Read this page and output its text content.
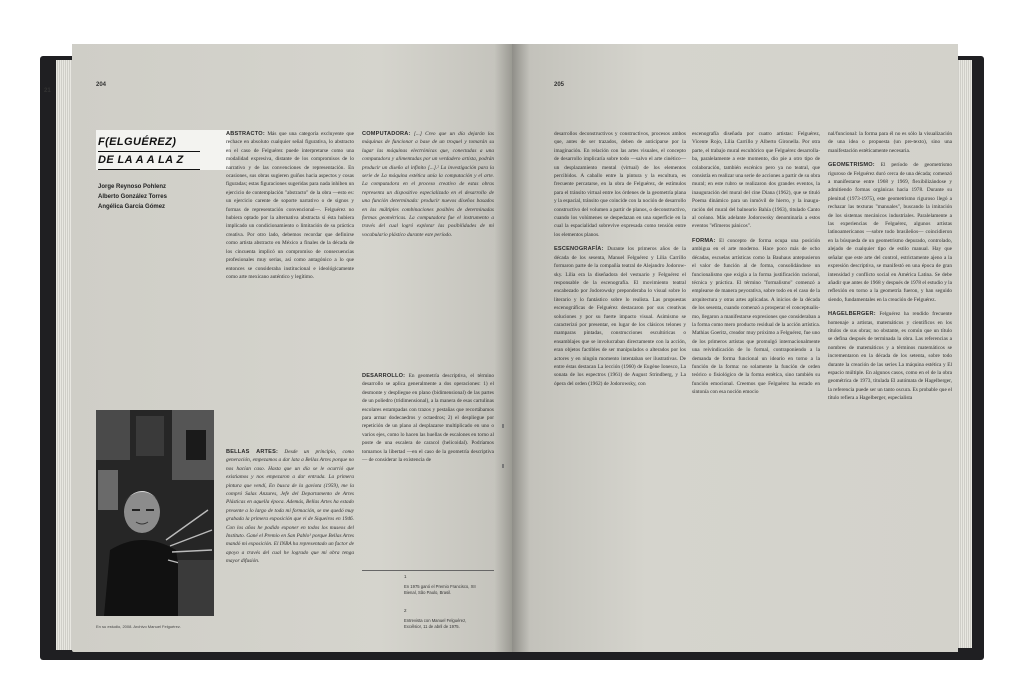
204
F(ELGUÉREZ)
DE LA A A LA Z
Jorge Reynoso Pohlenz
Alberto González Torres
Angélica García Gómez

ABSTRACTO: Más que una categoría excluyente que rechace en absoluto cualquier señal figurativa, lo abstracto en el caso de Felguérez puede interpretarse como una modalidad expresiva, distante de los compromisos de lo narrativo y de las convenciones de representación. En ocasiones, sus obras sugieren guiños hacia aspectos y cosas figuradas; estas figuraciones sugeridas para nada inhiben un ejercicio de contemplación "abstracto" de la obra —esto es: un ejercicio carente de soporte narrativo o de signos y formas de representación convencional—. Felguérez no hubiera optado por la alternativa abstracta si ésta hubiera implicado un condicionamiento o limitación de su práctica creativa. Por otro lado, debemos recordar que definirse como artista abstracto en México a finales de la década de los cincuenta implicó un compromiso de consecuencias profesionales muy serias, así como antagónico a lo que entonces se consideraba institucional e ideológicamente como arte mexicano auténtico y legítimo.

BELLAS ARTES: Desde un principio, como generación, empezamos a dar lata a Bellas Artes porque no nos hacían caso. Hasta que un día se le ocurrió que existiamos y nos empezaron a dar entrada. La primera pintura que vendí, En busca de la gaviota (1959), me la compró Salas Anzures, Jefe del Departamento de Artes Plásticas en aquella época. Además, Bellas Artes ha estado presente a lo largo de toda mi formación, se me quedó muy grabada la primera exposición que vi de Siqueiros en 1946. Con los años he podido exponer en todos los museos del Instituto. Gané el Premio en San Pablo¹ porque Bellas Artes mandó mi exposición. El INBA ha representado un factor de apoyo a través del cual he logrado que mi obra tenga mayor difusión.

En su estudio, 2008. Archivo Manuel Felguérez.

COMPUTADORA: [...] Creo que un día dejarán las máquinas de funcionar a base de un troquel y tomarán su lugar las máquinas electrónicas que, conectadas a una computadora y alimentadas por un verdadero artista, podrán producir un diseño al infinito [...].² La investigación para la serie de La máquina estética unía la computación y el arte. La computadora en el proceso creativo de estas obras representa un dispositivo especializado en el desarrollo de una función determinada: producir nuevos diseños basados en las múltiples combinaciones posibles de determinadas formas geométricas. La computadora fue el instrumento a través del cual logró explotar las posibilidades de mi vocabulario plástico durante este período.

DESARROLLO: En geometría descriptiva, el término desarrollo se aplica generalmente a dos operaciones: 1) el desmonte y despliegue en plano (bidimensional) de las partes de un poliedro (tridimensional), a la manera de esas cartulinas escolares estampadas con trazos y pestañas que recortábamos para armar dodecaedros y octaedros; 2) el despliegue por repetición de un plano al desplazarse multiplicado en uno o varios ejes, como lo hacen las huellas de escalones en torno al poste de una escalera de caracol (helicoidal). Podríamos tomarnos la libertad —en el caso de la geometría descriptiva— de considerar la existencia de

1
En 1975 ganó el Premio Francisco, XII Bienal, São Paulo, Brasil.
2
Entrevista con Manuel Felguérez, Excélsior, 11 de abril de 1975.
21
205

desarrollos deconstructivos y constructivos, procesos ambos que, antes de ser trazados, deben de anticiparse por la imaginación. En relación con las artes visuales, el concepto de desarrollo implicaría sobre todo —salvo el arte cinético— un desplazamiento mental (virtual) de los elementos percibidos. A caballo entre la pintura y la escultura, es frecuente percatarse, en la obra de Felguérez, de estímulos para el tránsito virtual entre los órdenes de la geometría plana y la espacial, tránsito que coincide con la noción de desarrollo constructivo del volumen a partir de planos, o deconstructivo, cuando los volúmenes se despedazan en una superficie en la cual la espacialidad sobrevive expresada como tensión entre los elementos planos.

ESCENOGRAFÍA: Durante los primeros años de la década de los sesenta, Manuel Felguérez y Lilia Carrillo formaron parte de la compañía teatral de Alejandro Jodorowsky. Lilia era la diseñadora del vestuario y Felguérez el responsable de la escenografía. El movimiento teatral encabezado por Jodorowsky preponderaba lo visual sobre lo literario y lo fantástico sobre lo realista. Las propuestas escenográficas de Felguérez destacaron por sus creativas soluciones y por su fuerte impacto visual. Asimismo se caracterizó por presentar, en lugar de los clásicos telones y mamparas pintadas, construcciones escultóricas o ensamblajes que se involucraban directamente con la acción, eran objetos factibles de ser manipulados o alterados por los actores y en ningún momento intentaban ser ilustrativas. De entre éstas destacan La lección (1960) de Eugène Ionesco, La sonata de los espectros (1961) de August Strindberg, y La ópera del orden (1962) de Jodorowsky, con

escenografía diseñada por cuatro artistas: Felguérez, Vicente Rojo, Lilia Carrillo y Alberto Gironella. Por otra parte, el trabajo mural escultórico que Felguérez desarrollaba, paralelamente a este momento, dio pie a otro tipo de colaboración, también escénico pero ya no teatral, que consistía en realizar una serie de acciones a partir de su obra mural; en este rubro se realizaron dos grandes eventos, la inauguración del mural del cine Diana (1962), que se tituló Poema dinámico para un inmóvil de hierro, y la inauguración del mural del balneario Bahía (1963), titulado Canto al océano. Más adelante Jodorowsky denominaría a estos eventos "efímeros pánicos".

FORMA: El concepto de forma ocupa una posición ambigua en el arte moderno. Hace poco más de ocho décadas, escuelas artísticas como la Bauhaus antepusieron el valor de función al de forma, consolidándose un funcionalismo que exigía a la forma justificación racional, técnica y práctica. El término "formalismo" comenzó a emplearse de manera peyorativa, sobre todo en el caso de la arquitectura y otras artes aplicadas. A inicios de la década de los sesenta, cuando comenzó a prosperar el conceptualismo, llegaron a manifestarse expresiones que consideraban a la forma como mero producto residual de la acción artística. Mathias Goeritz, creador muy próximo a Felguérez, fue uno de los primeros artistas que promulgó internacionalmente una reivindicación de lo formal, contraponiendo a la demanda de forma funcional un ideario en torno a la función de la forma: no solamente la función de orden teórico o fisiológico de la forma estética, sino también su función emocional. Creemos que Felguérez ha estado en sintonía con esa noción emocio

nal/funcional: la forma para él no es sólo la visualización de una idea o propuesta (un pre-texto), sino una manifestación estéticamente necesaria.

GEOMETRISMO: El período de geometrismo riguroso de Felguérez duró cerca de una década; comenzó a manifestarse entre 1968 y 1969, flexibilizándose y admitiendo formas orgánicas hacia 1978. Durante su plenitud (1973-1975), este geometrismo riguroso llegó a rechazar las texturas "manuales", buscando la imitación de los sistemas mecánicos industriales. Paralelamente a las experiencias de Felguérez, algunos artistas latinoamericanos —sobre todo brasileños— coincidieron en la búsqueda de un geometrismo depurado, controlado, alejado de cualquier tipo de estilo manual. Hay que señalar que este arte del control, estrictamente ajeno a la expresión descriptiva, se manifestó en una época de gran intensidad y conflicto social en América Latina. Se debe añadir que antes de 1968 y después de 1978 el estudio y la reflexión en torno a la geometría fueron, y han seguido siendo, fundamentales en la creación de Felguérez.

HAGELBERGER: Felguérez ha rendido frecuente homenaje a artistas, matemáticos y científicos en los títulos de sus obras; no obstante, es común que un título se defina después de terminada la obra. Las referencias a nombres de matemáticos y a términos matemáticos se incrementaron en la década de los setenta, sobre todo durante la creación de las series La máquina estética y El espacio múltiple. En algunos casos, como en el de la obra geométrica de 1973, titulada El autómata de Hagelberger, la referencia puede ser un tanto oscura. Es probable que el título refiera a Hagelberger, especialista
